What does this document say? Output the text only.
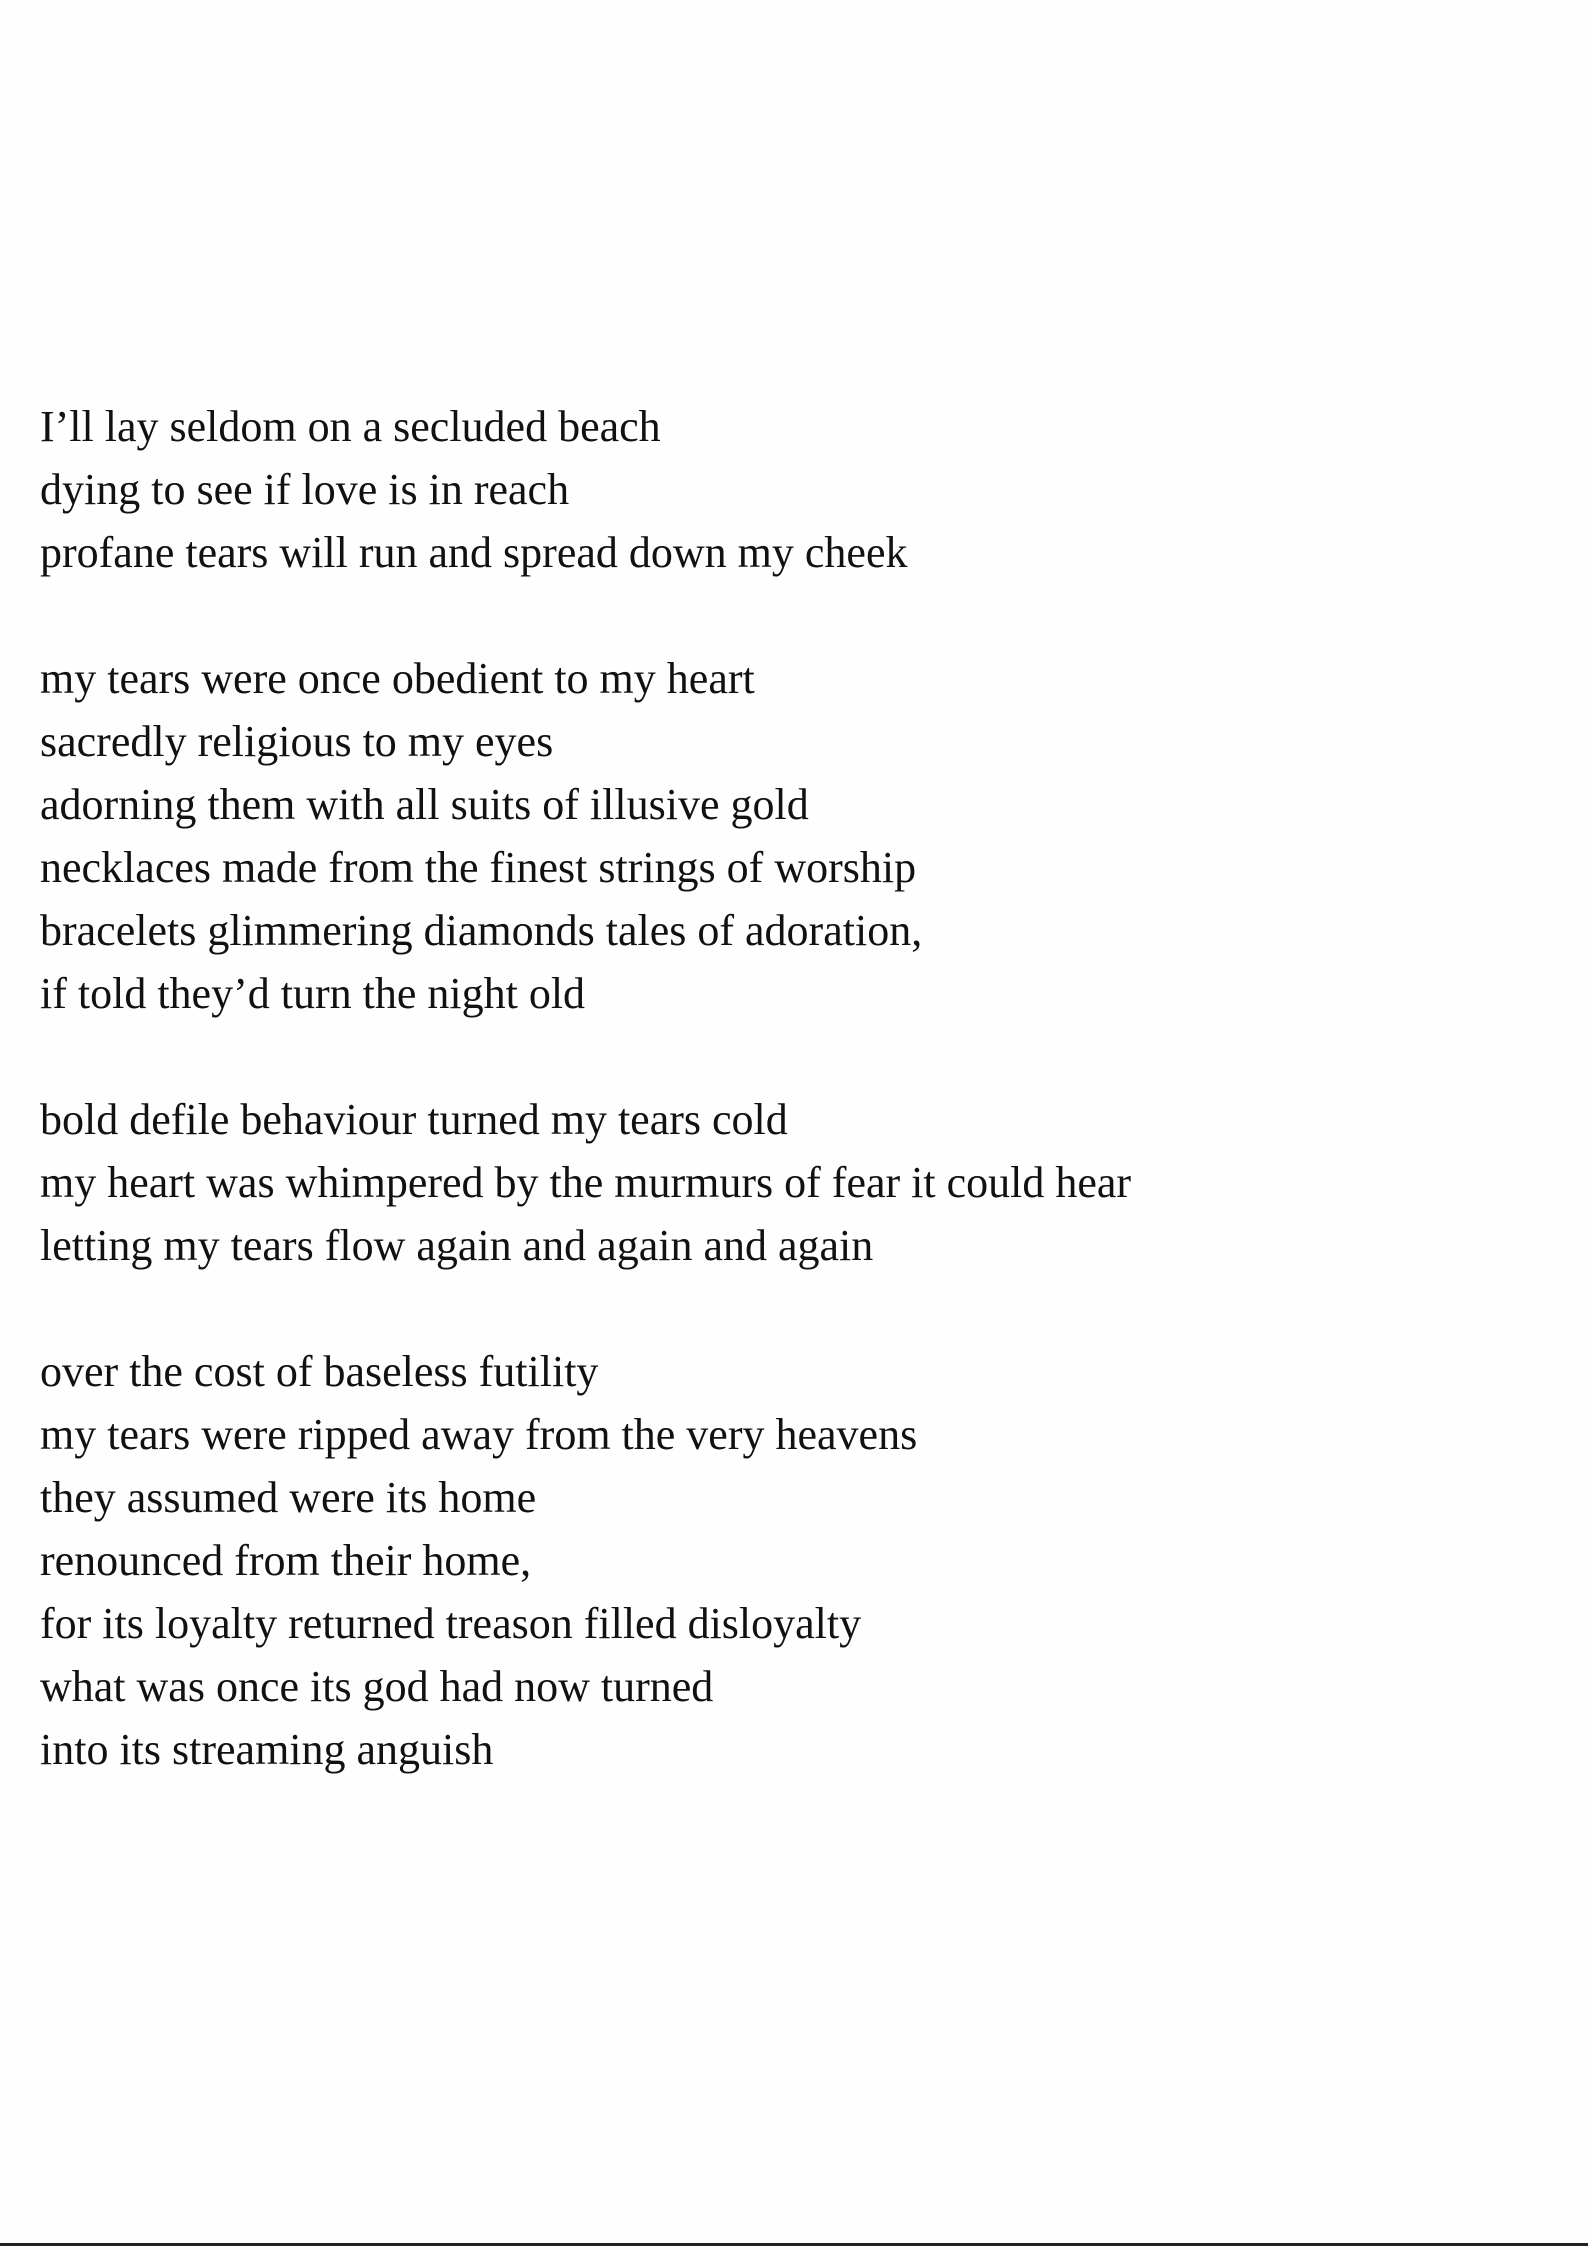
I’ll lay seldom on a secluded beach
dying to see if love is in reach
profane tears will run and spread down my cheek
my tears were once obedient to my heart
sacredly religious to my eyes
adorning them with all suits of illusive gold
necklaces made from the finest strings of worship
bracelets glimmering diamonds tales of adoration,
if told they’d turn the night old
bold defile behaviour turned my tears cold
my heart was whimpered by the murmurs of fear it could hear
letting my tears flow again and again and again
over the cost of baseless futility
my tears were ripped away from the very heavens
they assumed were its home
renounced from their home,
for its loyalty returned treason filled disloyalty
what was once its god had now turned
into its streaming anguish
